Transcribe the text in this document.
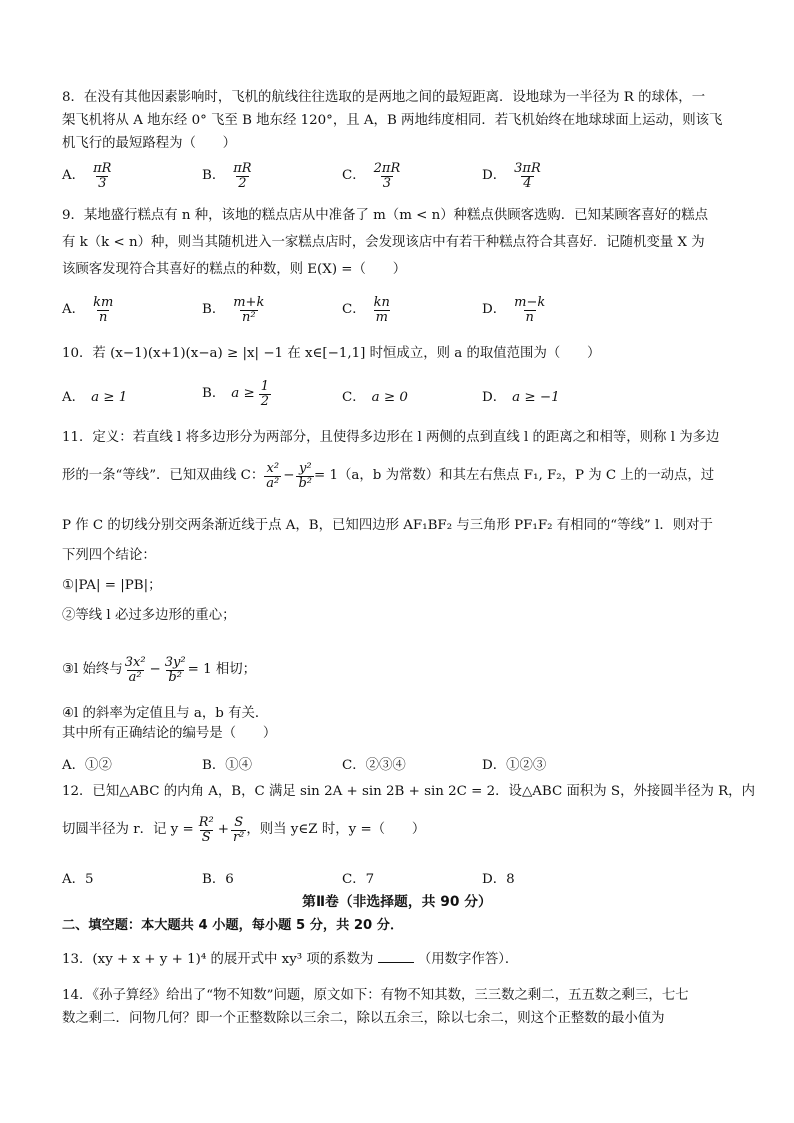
8．在没有其他因素影响时，飞机的航线往往选取的是两地之间的最短距离．设地球为一半径为 R 的球体，一
架飞机将从 A 地东经 0° 飞至 B 地东经 120°，且 A，B 两地纬度相同．若飞机始终在地球球面上运动，则该飞
机飞行的最短路程为（　　）
A． $\frac{\pi R}{3}$	B． $\frac{\pi R}{2}$	C． $\frac{2\pi R}{3}$	D． $\frac{3\pi R}{4}$
9．某地盛行糕点有 n 种，该地的糕点店从中准备了 m（m < n）种糕点供顾客选购．已知某顾客喜好的糕点
有 k（k < n）种，则当其随机进入一家糕点店时，会发现该店中有若干种糕点符合其喜好．记随机变量 X 为
该顾客发现符合其喜好的糕点的种数，则 E(X) =（　　）
A． $\frac{km}{n}$	B． $\frac{m+k}{\text{n²}}$	C． $\frac{kn}{m}$	D． $\frac{m-k}{n}$
10．若 (x−1)(x+1)(x−a) ≥ |x| −1 在 x∈[−1,1] 时恒成立，则 a 的取值范围为（　　）
A． a ≥ 1	B． $a \ge \frac{1}{2}$	C． a ≥ 0	D． a ≥ −1
11．定义：若直线 l 将多边形分为两部分，且使得多边形在 l 两侧的点到直线 l 的距离之和相等，则称 l 为多边
形的一条“等线”．已知双曲线 C： $\frac{\text{x²}}{\text{a²}} - \frac{\text{y²}}{\text{b²}} = 1(a$，b 为常数）和其左右焦点 F₁, F₂，P 为 C 上的一动点，过
P 作 C 的切线分别交两条渐近线于点 A，B，已知四边形 AF₁BF₂ 与三角形 PF₁F₂ 有相同的“等线” l．则对于
下列四个结论：
①|PA| = |PB|；
②等线 l 必过多边形的重心；
③l 始终与 $\frac{\text{3x²}}{\text{a²}} - \frac{\text{3y²}}{\text{b²}} = 1$ 相切；
④l 的斜率为定值且与 a，b 有关．
其中所有正确结论的编号是（　　）
A．①②	B．①④	C．②③④	D．①②③
12．已知△ABC 的内角 A，B，C 满足 sin 2A + sin 2B + sin 2C = 2．设△ABC 面积为 S，外接圆半径为 R，内
切圆半径为 r．记 $y = \frac{\text{R²}}{S} + \frac{S}{\text{r²}}$ ，则当 y∈Z 时，y =（　　）
A．5	B．6	C．7	D．8
第Ⅱ卷（非选择题，共 90 分）
二、填空题：本大题共 4 小题，每小题 5 分，共 20 分．
13．(xy + x + y + 1)⁴ 的展开式中 xy³ 项的系数为	（用数字作答）．
14．《孙子算经》给出了“物不知数”问题，原文如下：有物不知其数，三三数之剩二，五五数之剩三，七七
数之剩二．问物几何？即一个正整数除以三余二，除以五余三，除以七余二，则这个正整数的最小值为
